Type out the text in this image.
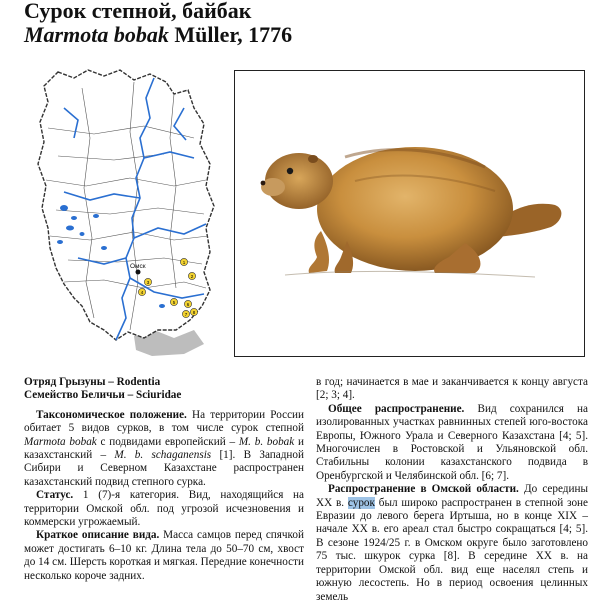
Сурок степной, байбак
Marmota bobak Müller, 1776
Омск
1
2
3
4
5	6
7 8

Отряд Грызуны – Rodentia

Семейство Беличьи – Sciuridae

Таксономическое положение. На территории России обитает 5 видов сурков, в том числе сурок степной Marmota bobak с подвидами европейский – M. b. bobak и казахстанский – M. b. schaganensis [1]. В Западной Сибири и Северном Казахстане распространен казахстанский подвид степного сурка.

Статус. 1 (7)-я категория. Вид, находящийся на территории Омской обл. под угрозой исчезновения и коммерски угрожаемый.

Краткое описание вида. Масса самцов перед спячкой может достигать 6–10 кг. Длина тела до 50–70 см, хвост до 14 см. Шерсть короткая и мягкая. Передние конечности несколько короче задних.

в год; начинается в мае и заканчивается к концу августа [2; 3; 4].

Общее распространение. Вид сохранился на изолированных участках равнинных степей юго-востока Европы, Южного Урала и Северного Казахстана [4; 5]. Многочислен в Ростовской и Ульяновской обл. Стабильны колонии казахстанского подвида в Оренбургской и Челябинской обл. [6; 7].

Распространение в Омской области. До середины XX в. сурок был широко распространен в степной зоне Евразии до левого берега Иртыша, но в конце XIX – начале XX в. его ареал стал быстро сокращаться [4; 5]. В сезоне 1924/25 г. в Омском округе было заготовлено 75 тыс. шкурок сурка [8]. В середине XX в. на территории Омской обл. вид еще населял степь и южную лесостепь. Но в период освоения целинных земель
